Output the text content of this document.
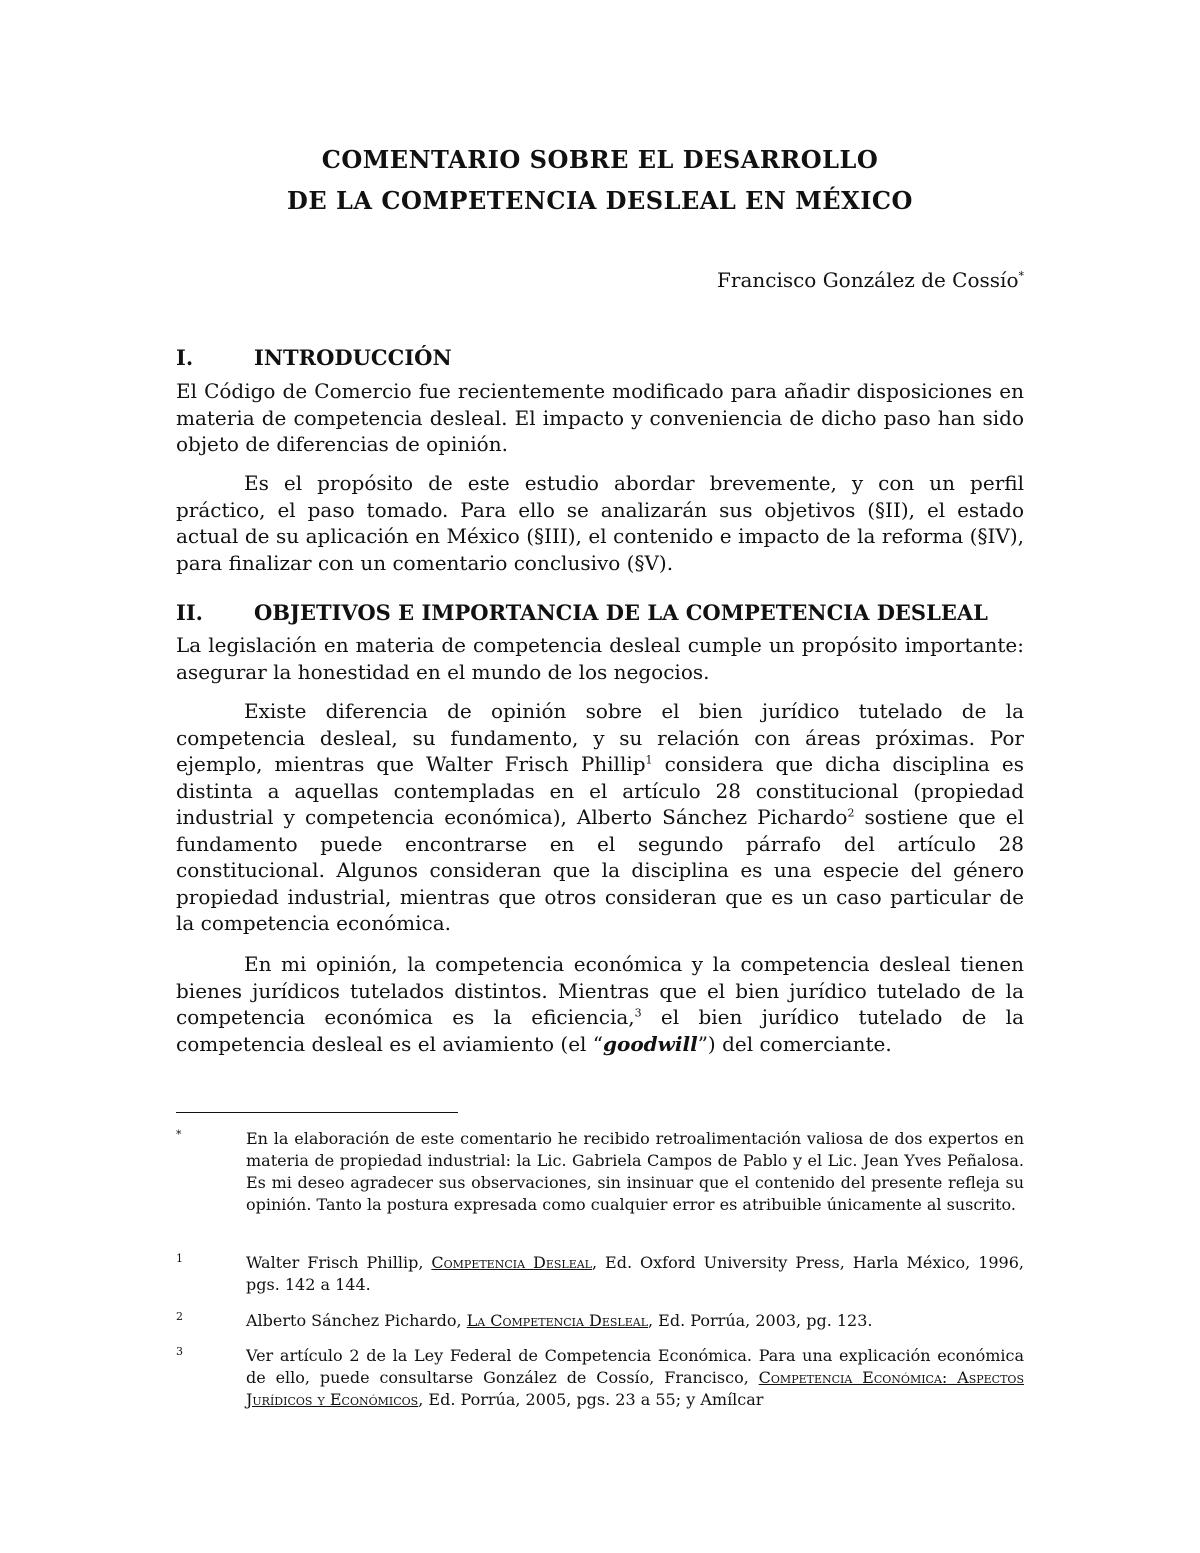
COMENTARIO SOBRE EL DESARROLLO
DE LA COMPETENCIA DESLEAL EN MÉXICO
Francisco González de Cossío*
I.	INTRODUCCIÓN

El Código de Comercio fue recientemente modificado para añadir disposiciones en materia de competencia desleal. El impacto y conveniencia de dicho paso han sido objeto de diferencias de opinión.

Es el propósito de este estudio abordar brevemente, y con un perfil práctico, el paso tomado. Para ello se analizarán sus objetivos (§II), el estado actual de su aplicación en México (§III), el contenido e impacto de la reforma (§IV), para finalizar con un comentario conclusivo (§V).

II. OBJETIVOS E IMPORTANCIA DE LA COMPETENCIA DESLEAL

La legislación en materia de competencia desleal cumple un propósito importante: asegurar la honestidad en el mundo de los negocios.

Existe diferencia de opinión sobre el bien jurídico tutelado de la competencia desleal, su fundamento, y su relación con áreas próximas. Por ejemplo, mientras que Walter Frisch Phillip$^1$ considera que dicha disciplina es distinta a aquellas contempladas en el artículo 28 constitucional (propiedad industrial y competencia económica), Alberto Sánchez Pichardo$^2$ sostiene que el fundamento puede encontrarse en el segundo párrafo del artículo 28 constitucional. Algunos consideran que la disciplina es una especie del género propiedad industrial, mientras que otros consideran que es un caso particular de la competencia económica.

En mi opinión, la competencia económica y la competencia desleal tienen bienes jurídicos tutelados distintos. Mientras que el bien jurídico tutelado de la competencia económica es la eficiencia,$^3$ el bien jurídico tutelado de la competencia desleal es el aviamiento (el “goodwill”) del comerciante.

*	En la elaboración de este comentario he recibido retroalimentación valiosa de dos expertos en materia de propiedad industrial: la Lic. Gabriela Campos de Pablo y el Lic. Jean Yves Peñalosa. Es mi deseo agradecer sus observaciones, sin insinuar que el contenido del presente refleja su opinión. Tanto la postura expresada como cualquier error es atribuible únicamente al suscrito.
1	Walter Frisch Phillip, Competencia Desleal, Ed. Oxford University Press, Harla México, 1996, pgs. 142 a 144.
2	Alberto Sánchez Pichardo, La Competencia Desleal, Ed. Porrúa, 2003, pg. 123.
3	Ver artículo 2 de la Ley Federal de Competencia Económica. Para una explicación económica de ello, puede consultarse González de Cossío, Francisco, Competencia Económica: Aspectos Jurídicos y Económicos, Ed. Porrúa, 2005, pgs. 23 a 55; y Amílcar
